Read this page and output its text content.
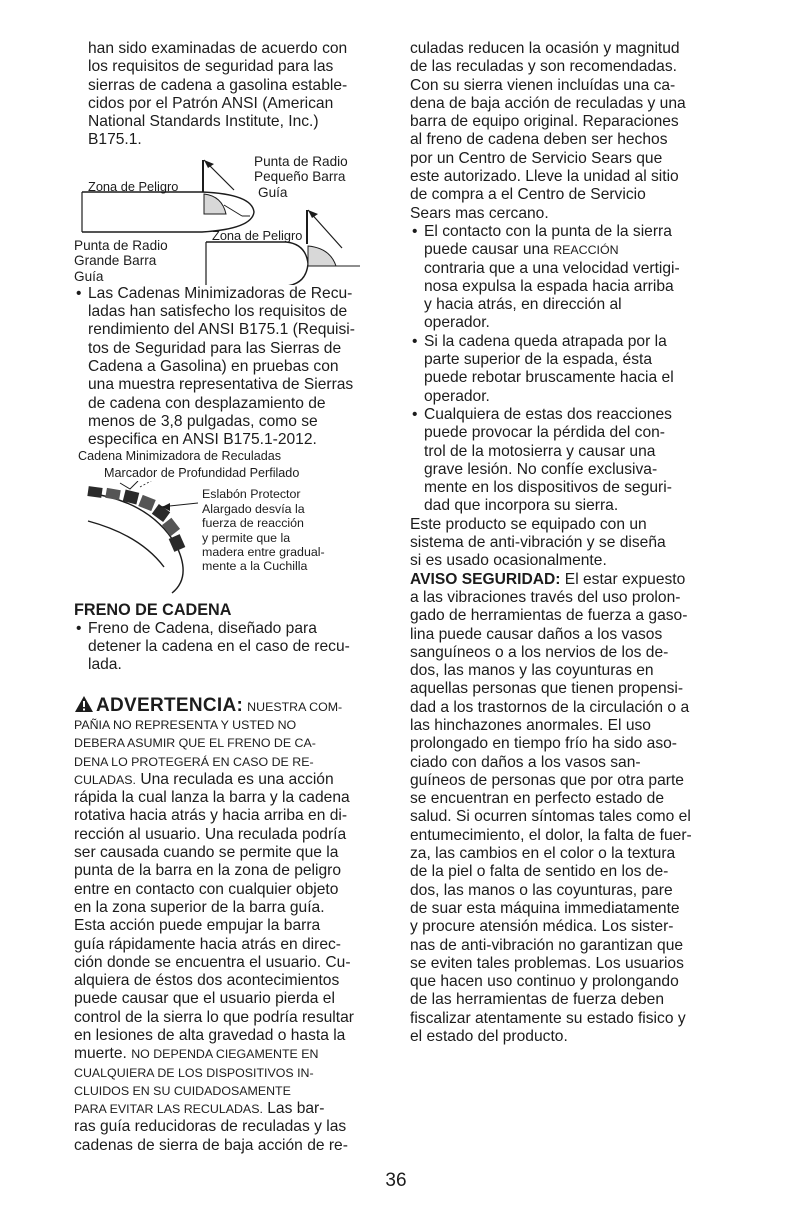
han sido examinadas de acuerdo con
los requisitos de seguridad para las
sierras de cadena a gasolina estable-
cidos por el Patrón ANSI (American
National Standards Institute, Inc.)
B175.1.
Zona de Peligro
Punta de Radio
Pequeño Barra
Guía
Zona de Peligro
Punta de Radio
Grande Barra
Guía
• Las Cadenas Minimizadoras de Recu-
ladas han satisfecho los requisitos de
rendimiento del ANSI B175.1 (Requisi-
tos de Seguridad para las Sierras de
Cadena a Gasolina) en pruebas con
una muestra representativa de Sierras
de cadena con desplazamiento de
menos de 3,8 pulgadas, como se
especifica en ANSI B175.1-2012.
Cadena Minimizadora de Reculadas
Marcador de Profundidad Perfilado
Eslabón Protector
Alargado desvía la
fuerza de reacción
y permite que la
madera entre gradual-
mente a la Cuchilla
FRENO DE CADENA
• Freno de Cadena, diseñado para
detener la cadena en el caso de recu-
lada.
ADVERTENCIA: NUESTRA COM-
PAÑIA NO REPRESENTA Y USTED NO
DEBERA ASUMIR QUE EL FRENO DE CA-
DENA LO PROTEGERÁ EN CASO DE RE-
CULADAS. Una reculada es una acción
rápida la cual lanza la barra y la cadena
rotativa hacia atrás y hacia arriba en di-
rección al usuario. Una reculada podría
ser causada cuando se permite que la
punta de la barra en la zona de peligro
entre en contacto con cualquier objeto
en la zona superior de la barra guía.
Esta acción puede empujar la barra
guía rápidamente hacia atrás en direc-
ción donde se encuentra el usuario. Cu-
alquiera de éstos dos acontecimientos
puede causar que el usuario pierda el
control de la sierra lo que podría resultar
en lesiones de alta gravedad o hasta la
muerte. NO DEPENDA CIEGAMENTE EN
CUALQUIERA DE LOS DISPOSITIVOS IN-
CLUIDOS EN SU CUIDADOSAMENTE
PARA EVITAR LAS RECULADAS. Las bar-
ras guía reducidoras de reculadas y las
cadenas de sierra de baja acción de re-
culadas reducen la ocasión y magnitud
de las reculadas y son recomendadas.
Con su sierra vienen incluídas una ca-
dena de baja acción de reculadas y una
barra de equipo original. Reparaciones
al freno de cadena deben ser hechos
por un Centro de Servicio Sears que
este autorizado. Lleve la unidad al sitio
de compra a el Centro de Servicio
Sears mas cercano.
• El contacto con la punta de la sierra
puede causar una REACCIÓN
contraria que a una velocidad vertigi-
nosa expulsa la espada hacia arriba
y hacia atrás, en dirección al
operador.
• Si la cadena queda atrapada por la
parte superior de la espada, ésta
puede rebotar bruscamente hacia el
operador.
• Cualquiera de estas dos reacciones
puede provocar la pérdida del con-
trol de la motosierra y causar una
grave lesión. No confíe exclusiva-
mente en los dispositivos de seguri-
dad que incorpora su sierra.
Este producto se equipado con un
sistema de anti-vibración y se diseña
si es usado ocasionalmente.
AVISO SEGURIDAD: El estar expuesto
a las vibraciones través del uso prolon-
gado de herramientas de fuerza a gaso-
lina puede causar daños a los vasos
sanguíneos o a los nervios de los de-
dos, las manos y las coyunturas en
aquellas personas que tienen propensi-
dad a los trastornos de la circulación o a
las hinchazones anormales. El uso
prolongado en tiempo frío ha sido aso-
ciado con daños a los vasos san-
guíneos de personas que por otra parte
se encuentran en perfecto estado de
salud. Si ocurren síntomas tales como el
entumecimiento, el dolor, la falta de fuer-
za, las cambios en el color o la textura
de la piel o falta de sentido en los de-
dos, las manos o las coyunturas, pare
de suar esta máquina immediatamente
y procure atensión médica. Los sister-
nas de anti-vibración no garantizan que
se eviten tales problemas. Los usuarios
que hacen uso continuo y prolongando
de las herramientas de fuerza deben
fiscalizar atentamente su estado fisico y
el estado del producto.
36
